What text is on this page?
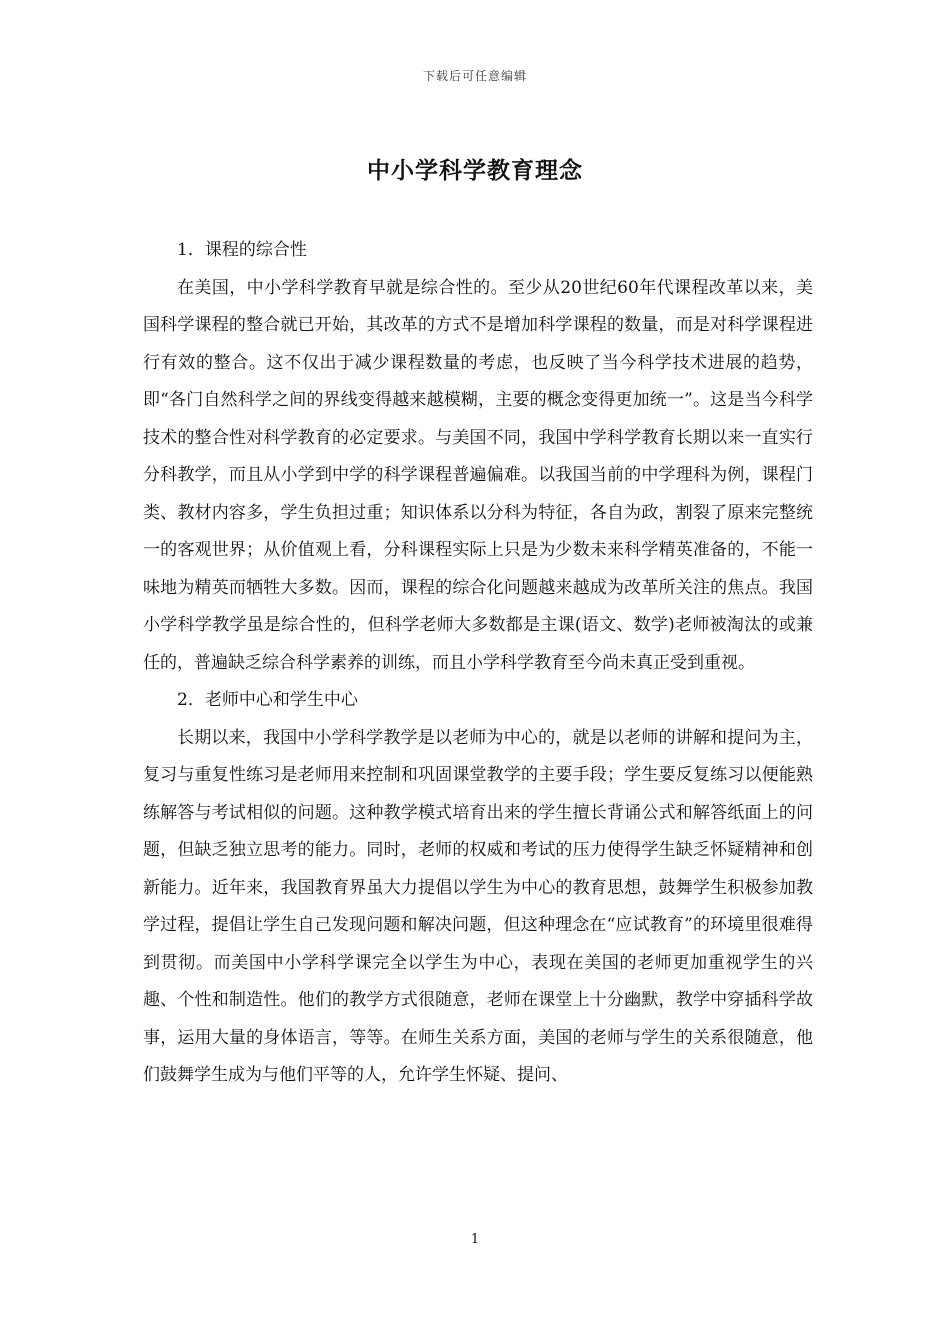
下载后可任意编辑
中小学科学教育理念

1．课程的综合性

在美国，中小学科学教育早就是综合性的。至少从20世纪60年代课程改革以来，美国科学课程的整合就已开始，其改革的方式不是增加科学课程的数量，而是对科学课程进行有效的整合。这不仅出于减少课程数量的考虑，也反映了当今科学技术进展的趋势，即“各门自然科学之间的界线变得越来越模糊，主要的概念变得更加统一”。这是当今科学技术的整合性对科学教育的必定要求。与美国不同，我国中学科学教育长期以来一直实行分科教学，而且从小学到中学的科学课程普遍偏难。以我国当前的中学理科为例，课程门类、教材内容多，学生负担过重；知识体系以分科为特征，各自为政，割裂了原来完整统一的客观世界；从价值观上看，分科课程实际上只是为少数未来科学精英准备的，不能一味地为精英而牺牲大多数。因而，课程的综合化问题越来越成为改革所关注的焦点。我国小学科学教学虽是综合性的，但科学老师大多数都是主课(语文、数学)老师被淘汰的或兼任的，普遍缺乏综合科学素养的训练，而且小学科学教育至今尚未真正受到重视。

2．老师中心和学生中心

长期以来，我国中小学科学教学是以老师为中心的，就是以老师的讲解和提问为主，复习与重复性练习是老师用来控制和巩固课堂教学的主要手段；学生要反复练习以便能熟练解答与考试相似的问题。这种教学模式培育出来的学生擅长背诵公式和解答纸面上的问题，但缺乏独立思考的能力。同时，老师的权威和考试的压力使得学生缺乏怀疑精神和创新能力。近年来，我国教育界虽大力提倡以学生为中心的教育思想，鼓舞学生积极参加教学过程，提倡让学生自己发现问题和解决问题，但这种理念在“应试教育”的环境里很难得到贯彻。而美国中小学科学课完全以学生为中心，表现在美国的老师更加重视学生的兴趣、个性和制造性。他们的教学方式很随意，老师在课堂上十分幽默，教学中穿插科学故事，运用大量的身体语言，等等。在师生关系方面，美国的老师与学生的关系很随意，他们鼓舞学生成为与他们平等的人，允许学生怀疑、提问、

1
